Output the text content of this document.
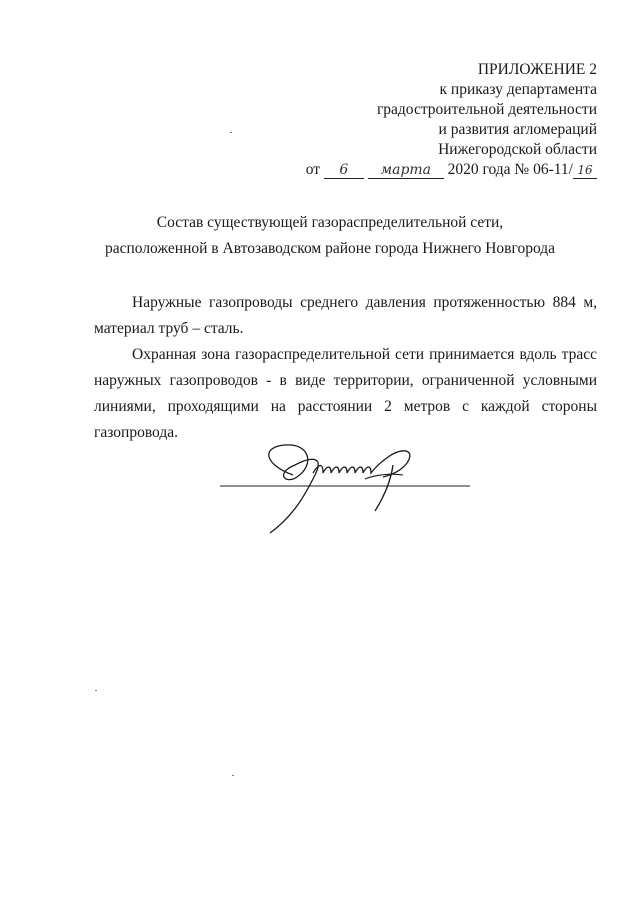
ПРИЛОЖЕНИЕ 2
к приказу департамента
градостроительной деятельности
и развития агломераций
Нижегородской области
от 6 марта 2020 года № 06-11/ 16
Состав существующей газораспределительной сети,
расположенной в Автозаводском районе города Нижнего Новгорода

Наружные газопроводы среднего давления протяженностью 884 м, материал труб – сталь.

Охранная зона газораспределительной сети принимается вдоль трасс наружных газопроводов - в виде территории, ограниченной условными линиями, проходящими на расстоянии 2 метров с каждой стороны газопровода.
